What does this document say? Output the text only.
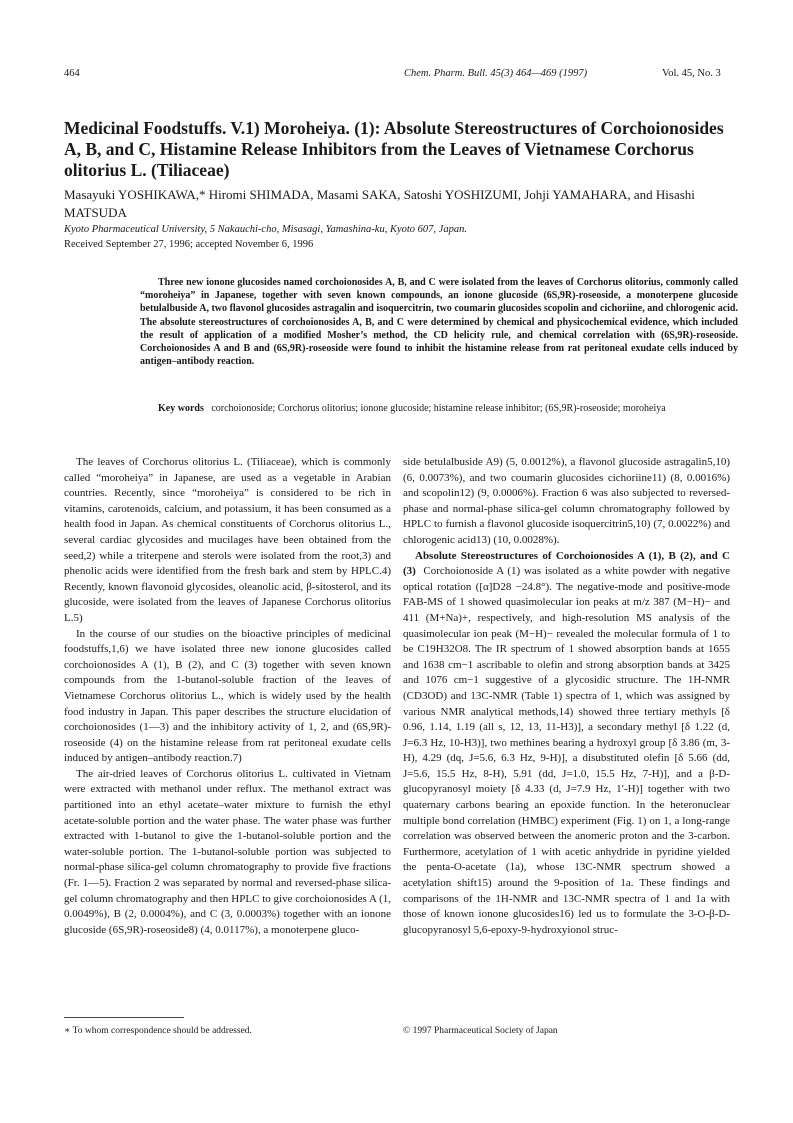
464	Chem. Pharm. Bull. 45(3) 464—469 (1997)	Vol. 45, No. 3
Medicinal Foodstuffs. V.1) Moroheiya. (1): Absolute Stereostructures of Corchoionosides A, B, and C, Histamine Release Inhibitors from the Leaves of Vietnamese Corchorus olitorius L. (Tiliaceae)
Masayuki YOSHIKAWA,* Hiromi SHIMADA, Masami SAKA, Satoshi YOSHIZUMI, Johji YAMAHARA, and Hisashi MATSUDA
Kyoto Pharmaceutical University, 5 Nakauchi-cho, Misasagi, Yamashina-ku, Kyoto 607, Japan.
Received September 27, 1996; accepted November 6, 1996
Three new ionone glucosides named corchoionosides A, B, and C were isolated from the leaves of Corchorus olitorius, commonly called “moroheiya” in Japanese, together with seven known compounds, an ionone glucoside (6S,9R)-roseoside, a monoterpene glucoside betulalbuside A, two flavonol glucosides astragalin and isoquercitrin, two coumarin glucosides scopolin and cichoriine, and chlorogenic acid. The absolute stereostructures of corchoionosides A, B, and C were determined by chemical and physicochemical evidence, which included the result of application of a modified Mosher’s method, the CD helicity rule, and chemical correlation with (6S,9R)-roseoside. Corchoionosides A and B and (6S,9R)-roseoside were found to inhibit the histamine release from rat peritoneal exudate cells induced by antigen–antibody reaction.
Key words corchoionoside; Corchorus olitorius; ionone glucoside; histamine release inhibitor; (6S,9R)-roseoside; moroheiya

The leaves of Corchorus olitorius L. (Tiliaceae), which is commonly called “moroheiya” in Japanese, are used as a vegetable in Arabian countries. Recently, since “moroheiya” is considered to be rich in vitamins, carotenoids, calcium, and potassium, it has been consumed as a health food in Japan. As chemical constituents of Corchorus olitorius L., several cardiac glycosides and mucilages have been obtained from the seed,2) while a triterpene and sterols were isolated from the root,3) and phenolic acids were identified from the fresh bark and stem by HPLC.4) Recently, known flavonoid glycosides, oleanolic acid, β-sitosterol, and its glucoside, were isolated from the leaves of Japanese Corchorus olitorius L.5)

In the course of our studies on the bioactive principles of medicinal foodstuffs,1,6) we have isolated three new ionone glucosides called corchoionosides A (1), B (2), and C (3) together with seven known compounds from the 1-butanol-soluble fraction of the leaves of Vietnamese Corchorus olitorius L., which is widely used by the health food industry in Japan. This paper describes the structure elucidation of corchoionosides (1—3) and the inhibitory activity of 1, 2, and (6S,9R)-roseoside (4) on the histamine release from rat peritoneal exudate cells induced by antigen–antibody reaction.7)

The air-dried leaves of Corchorus olitorius L. cultivated in Vietnam were extracted with methanol under reflux. The methanol extract was partitioned into an ethyl acetate–water mixture to furnish the ethyl acetate-soluble portion and the water phase. The water phase was further extracted with 1-butanol to give the 1-butanol-soluble portion and the water-soluble portion. The 1-butanol-soluble portion was subjected to normal-phase silica-gel column chromatography to provide five fractions (Fr. 1—5). Fraction 2 was separated by normal and reversed-phase silica-gel column chromatography and then HPLC to give corchoionosides A (1, 0.0049%), B (2, 0.0004%), and C (3, 0.0003%) together with an ionone glucoside (6S,9R)-roseoside8) (4, 0.0117%), a monoterpene gluco-

side betulalbuside A9) (5, 0.0012%), a flavonol glucoside astragalin5,10) (6, 0.0073%), and two coumarin glucosides cichoriine11) (8, 0.0016%) and scopolin12) (9, 0.0006%). Fraction 6 was also subjected to reversed-phase and normal-phase silica-gel column chromatography followed by HPLC to furnish a flavonol glucoside isoquercitrin5,10) (7, 0.0022%) and chlorogenic acid13) (10, 0.0028%).

Absolute Stereostructures of Corchoionosides A (1), B (2), and C (3) Corchoionoside A (1) was isolated as a white powder with negative optical rotation ([α]D28 −24.8°). The negative-mode and positive-mode FAB-MS of 1 showed quasimolecular ion peaks at m/z 387 (M−H)− and 411 (M+Na)+, respectively, and high-resolution MS analysis of the quasimolecular ion peak (M−H)− revealed the molecular formula of 1 to be C19H32O8. The IR spectrum of 1 showed absorption bands at 1655 and 1638 cm−1 ascribable to olefin and strong absorption bands at 3425 and 1076 cm−1 suggestive of a glycosidic structure. The 1H-NMR (CD3OD) and 13C-NMR (Table 1) spectra of 1, which was assigned by various NMR analytical methods,14) showed three tertiary methyls [δ 0.96, 1.14, 1.19 (all s, 12, 13, 11-H3)], a secondary methyl [δ 1.22 (d, J=6.3 Hz, 10-H3)], two methines bearing a hydroxyl group [δ 3.86 (m, 3-H), 4.29 (dq, J=5.6, 6.3 Hz, 9-H)], a disubstituted olefin [δ 5.66 (dd, J=5.6, 15.5 Hz, 8-H), 5.91 (dd, J=1.0, 15.5 Hz, 7-H)], and a β-D-glucopyranosyl moiety [δ 4.33 (d, J=7.9 Hz, 1′-H)] together with two quaternary carbons bearing an epoxide function. In the heteronuclear multiple bond correlation (HMBC) experiment (Fig. 1) on 1, a long-range correlation was observed between the anomeric proton and the 3-carbon. Furthermore, acetylation of 1 with acetic anhydride in pyridine yielded the penta-O-acetate (1a), whose 13C-NMR spectrum showed a acetylation shift15) around the 9-position of 1a. These findings and comparisons of the 1H-NMR and 13C-NMR spectra of 1 and 1a with those of known ionone glucosides16) led us to formulate the 3-O-β-D-glucopyranosyl 5,6-epoxy-9-hydroxyionol struc-

∗ To whom correspondence should be addressed.	© 1997 Pharmaceutical Society of Japan
